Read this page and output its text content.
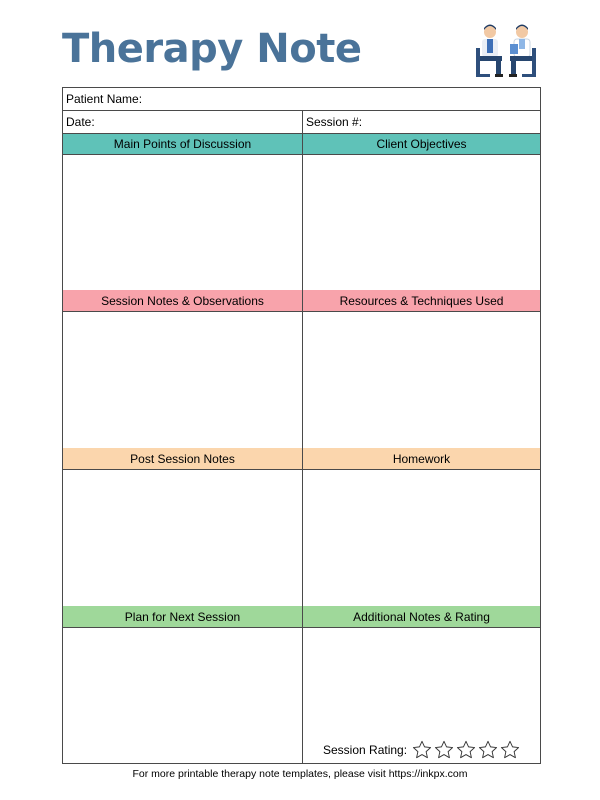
Therapy Note
Patient Name:
Date:	Session #:
Main Points of Discussion	Client Objectives
Session Notes & Observations	Resources & Techniques Used
Post Session Notes	Homework
Plan for Next Session	Additional Notes & Rating
Session Rating:
For more printable therapy note templates, please visit https://inkpx.com
